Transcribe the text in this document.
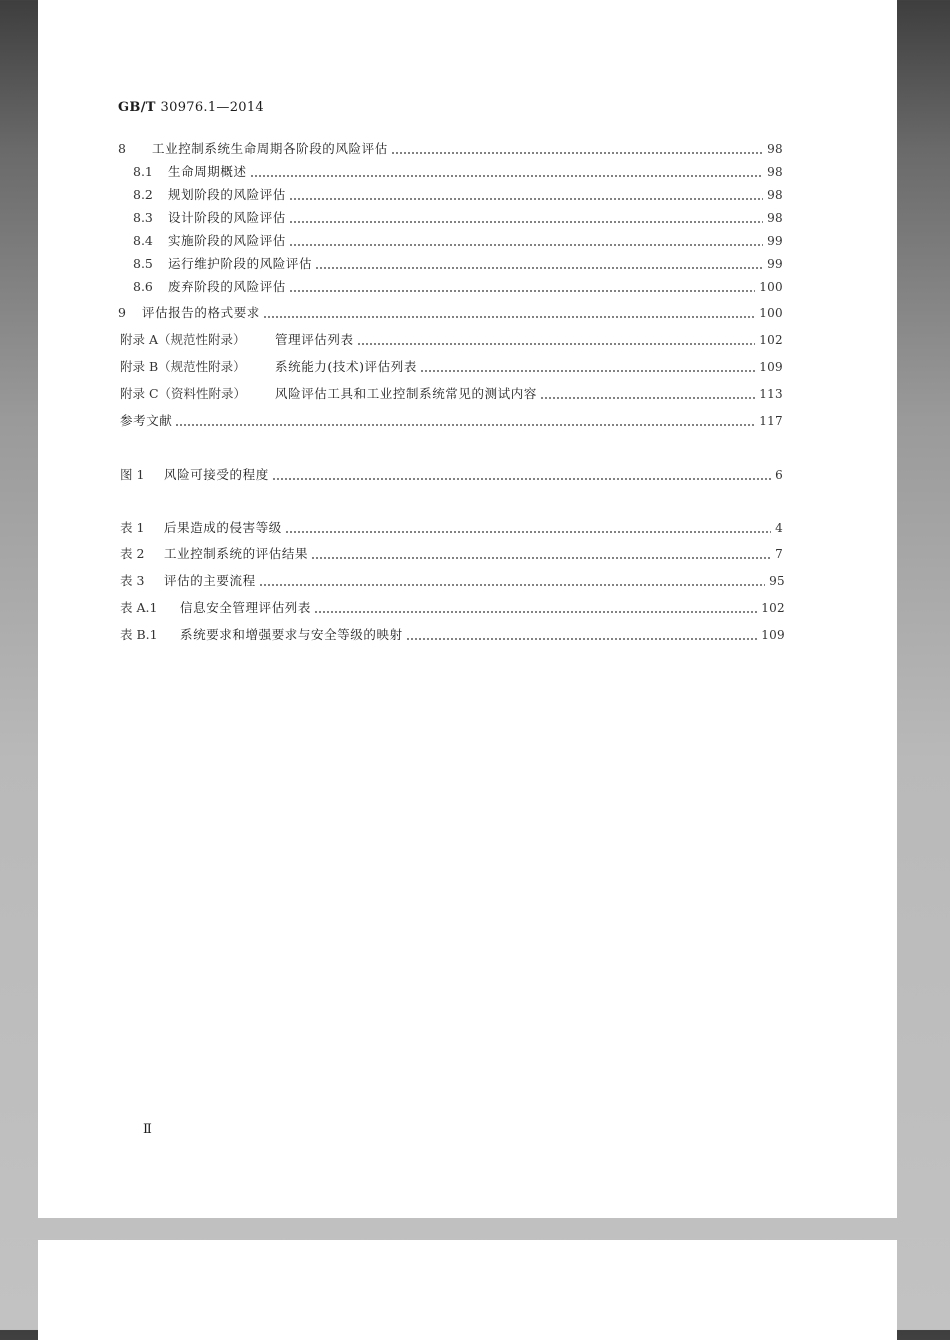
GB/T 30976.1—2014
8	工业控制系统生命周期各阶段的风险评估	98
8.1	生命周期概述	98
8.2	规划阶段的风险评估	98
8.3	设计阶段的风险评估	98
8.4	实施阶段的风险评估	99
8.5	运行维护阶段的风险评估	99
8.6	废弃阶段的风险评估	100
9	评估报告的格式要求	100
附录 A（规范性附录）	管理评估列表	102
附录 B（规范性附录）	系统能力(技术)评估列表	109
附录 C（资料性附录）	风险评估工具和工业控制系统常见的测试内容	113
参考文献	117
图 1	风险可接受的程度	6
表 1	后果造成的侵害等级	4
表 2	工业控制系统的评估结果	7
表 3	评估的主要流程	95
表 A.1	信息安全管理评估列表	102
表 B.1	系统要求和增强要求与安全等级的映射	109
Ⅱ
